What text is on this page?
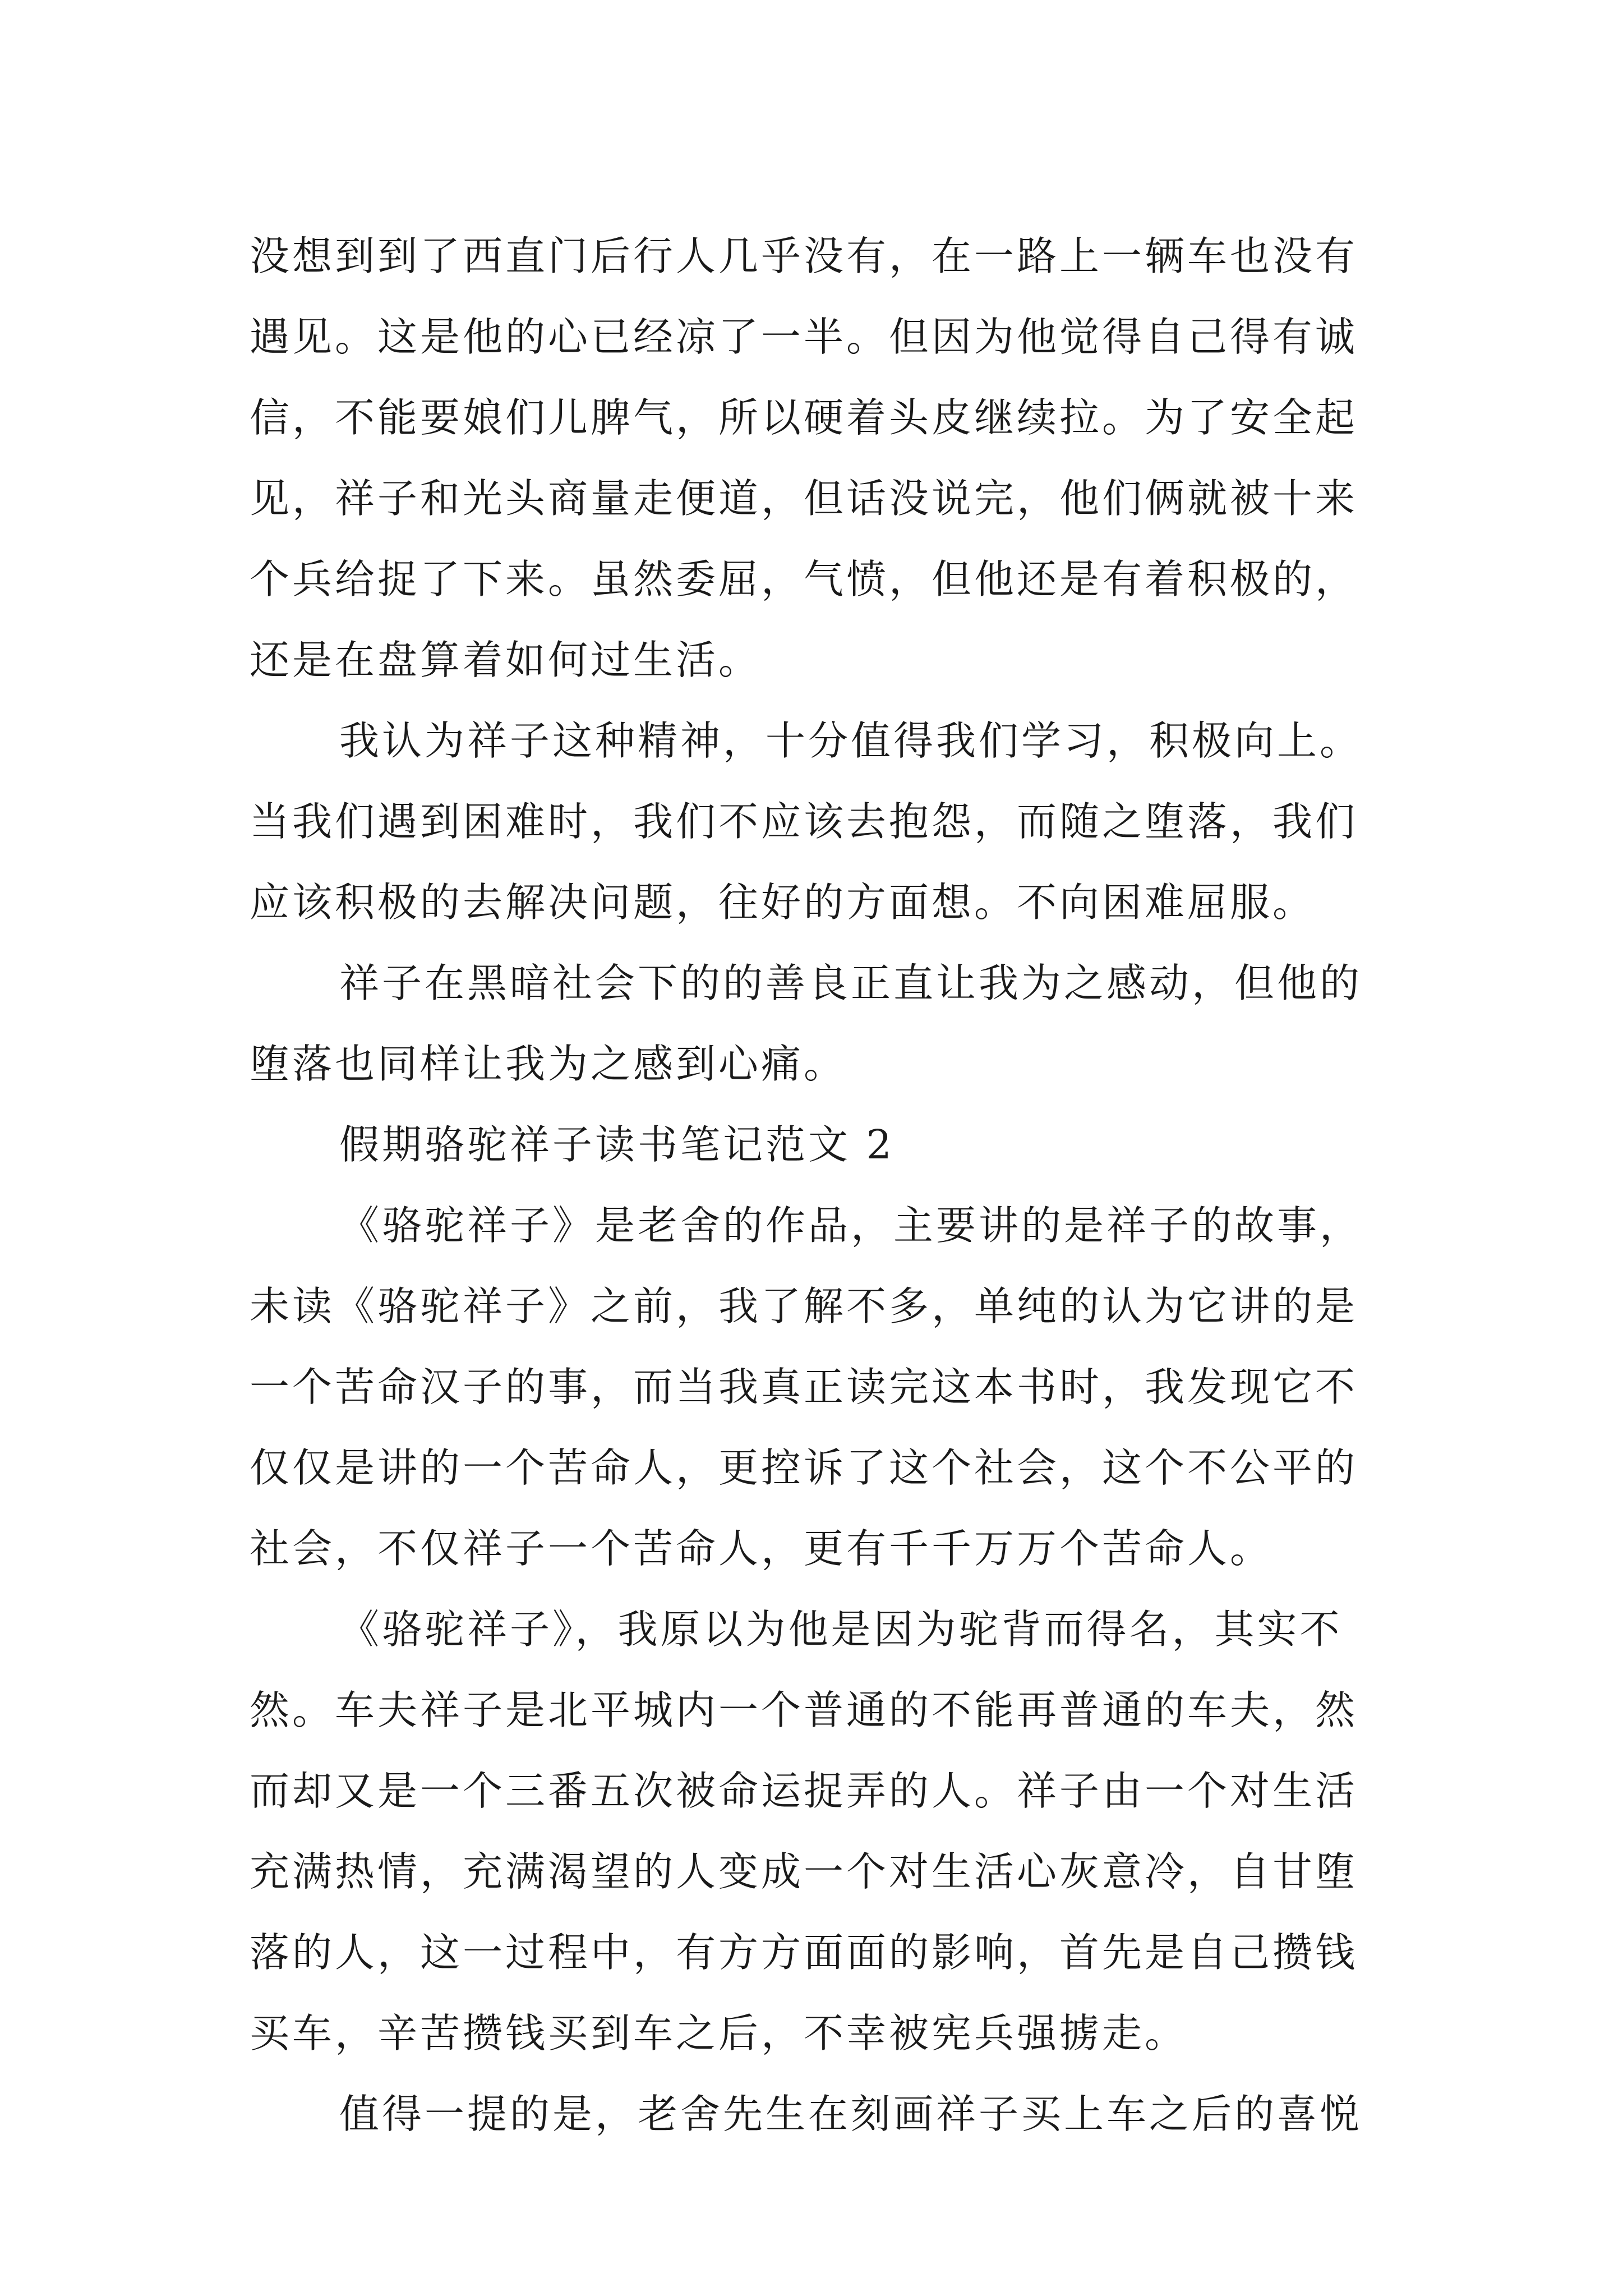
没想到到了西直门后行人几乎没有，在一路上一辆车也没有
遇见。这是他的心已经凉了一半。但因为他觉得自己得有诚
信，不能要娘们儿脾气，所以硬着头皮继续拉。为了安全起
见，祥子和光头商量走便道，但话没说完，他们俩就被十来
个兵给捉了下来。虽然委屈，气愤，但他还是有着积极的，
还是在盘算着如何过生活。
我认为祥子这种精神，十分值得我们学习，积极向上。
当我们遇到困难时，我们不应该去抱怨，而随之堕落，我们
应该积极的去解决问题，往好的方面想。不向困难屈服。
祥子在黑暗社会下的的善良正直让我为之感动，但他的
堕落也同样让我为之感到心痛。
假期骆驼祥子读书笔记范文 2
《骆驼祥子》是老舍的作品，主要讲的是祥子的故事，
未读《骆驼祥子》之前，我了解不多，单纯的认为它讲的是
一个苦命汉子的事，而当我真正读完这本书时，我发现它不
仅仅是讲的一个苦命人，更控诉了这个社会，这个不公平的
社会，不仅祥子一个苦命人，更有千千万万个苦命人。
《骆驼祥子》，我原以为他是因为驼背而得名，其实不
然。车夫祥子是北平城内一个普通的不能再普通的车夫，然
而却又是一个三番五次被命运捉弄的人。祥子由一个对生活
充满热情，充满渴望的人变成一个对生活心灰意冷，自甘堕
落的人，这一过程中，有方方面面的影响，首先是自己攒钱
买车，辛苦攒钱买到车之后，不幸被宪兵强掳走。
值得一提的是，老舍先生在刻画祥子买上车之后的喜悦
